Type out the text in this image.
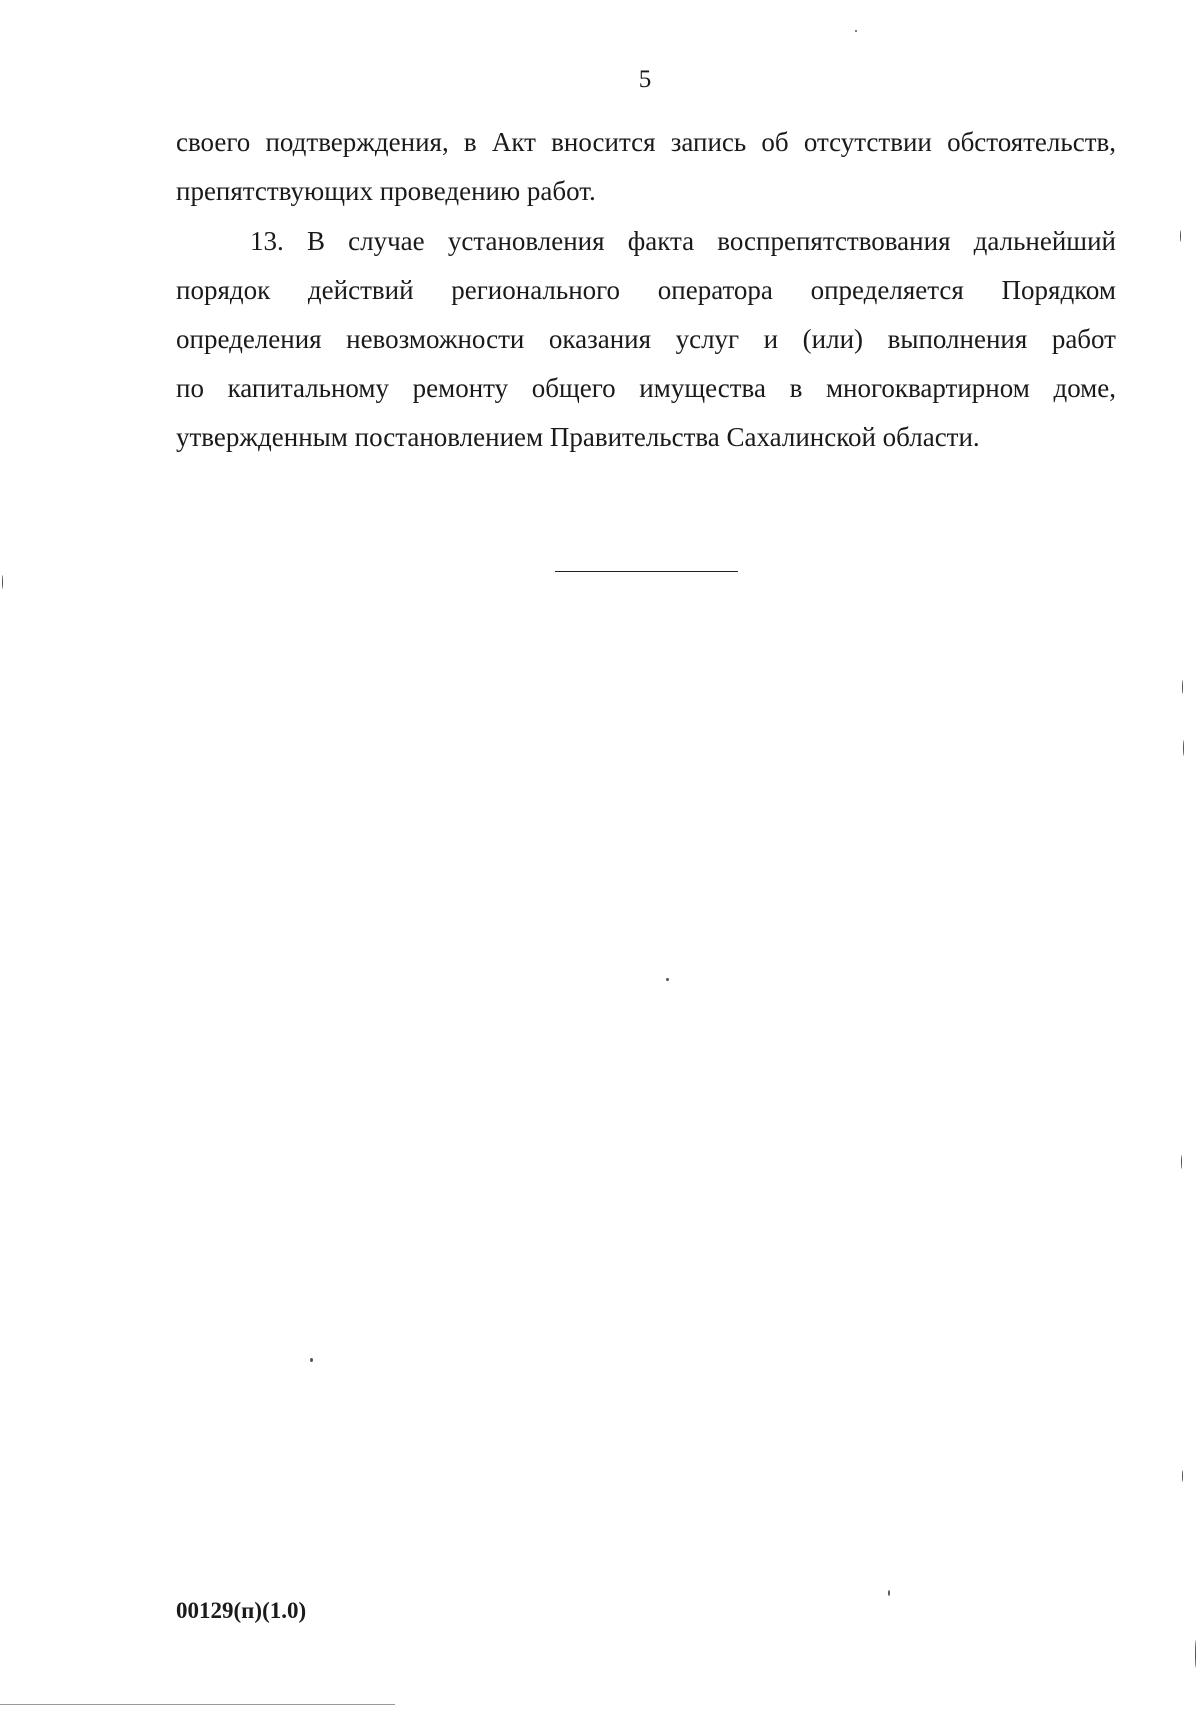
5

своего подтверждения, в Акт вносится запись об отсутствии обстоятельств,
препятствующих проведению работ.

13. В случае установления факта воспрепятствования дальнейший
порядок действий регионального оператора определяется Порядком
определения невозможности оказания услуг и (или) выполнения работ
по капитальному ремонту общего имущества в многоквартирном доме,
утвержденным постановлением Правительства Сахалинской области.

00129(п)(1.0)
